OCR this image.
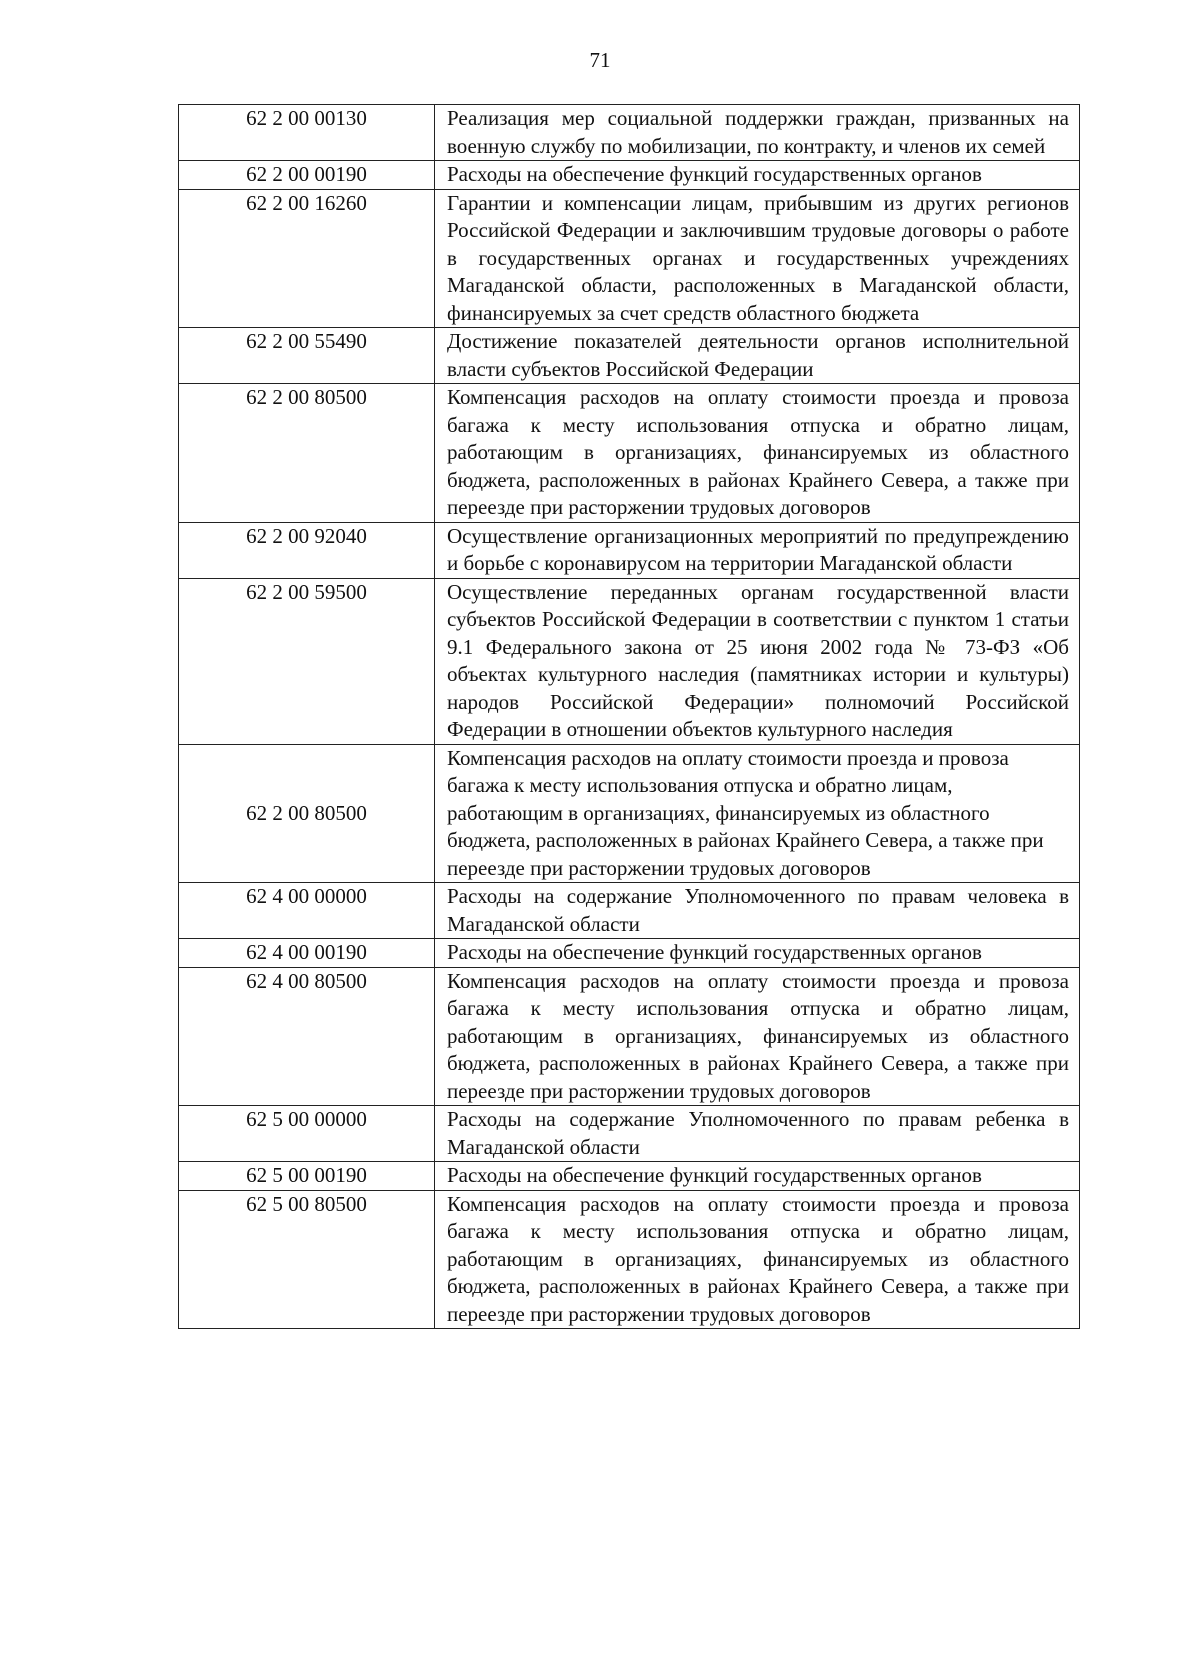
71
62 2 00 00130	Реализация мер социальной поддержки граждан, призванных на военную службу по мобилизации, по контракту, и членов их семей
62 2 00 00190	Расходы на обеспечение функций государственных органов
62 2 00 16260	Гарантии и компенсации лицам, прибывшим из других регионов Российской Федерации и заключившим трудовые договоры о работе в государственных органах и государственных учреждениях Магаданской области, расположенных в Магаданской области, финансируемых за счет средств областного бюджета
62 2 00 55490	Достижение показателей деятельности органов исполнительной власти субъектов Российской Федерации
62 2 00 80500	Компенсация расходов на оплату стоимости проезда и провоза багажа к месту использования отпуска и обратно лицам, работающим в организациях, финансируемых из областного бюджета, расположенных в районах Крайнего Севера, а также при переезде при расторжении трудовых договоров
62 2 00 92040	Осуществление организационных мероприятий по предупреждению и борьбе с коронавирусом на территории Магаданской области
62 2 00 59500	Осуществление переданных органам государственной власти субъектов Российской Федерации в соответствии с пунктом 1 статьи 9.1 Федерального закона от 25 июня 2002 года № 73-ФЗ «Об объектах культурного наследия (памятниках истории и культуры) народов Российской Федерации» полномочий Российской Федерации в отношении объектов культурного наследия
62 2 00 80500	Компенсация расходов на оплату стоимости проезда и провоза багажа к месту использования отпуска и обратно лицам, работающим в организациях, финансируемых из областного бюджета, расположенных в районах Крайнего Севера, а также при переезде при расторжении трудовых договоров
62 4 00 00000	Расходы на содержание Уполномоченного по правам человека в Магаданской области
62 4 00 00190	Расходы на обеспечение функций государственных органов
62 4 00 80500	Компенсация расходов на оплату стоимости проезда и провоза багажа к месту использования отпуска и обратно лицам, работающим в организациях, финансируемых из областного бюджета, расположенных в районах Крайнего Севера, а также при переезде при расторжении трудовых договоров
62 5 00 00000	Расходы на содержание Уполномоченного по правам ребенка в Магаданской области
62 5 00 00190	Расходы на обеспечение функций государственных органов
62 5 00 80500	Компенсация расходов на оплату стоимости проезда и провоза багажа к месту использования отпуска и обратно лицам, работающим в организациях, финансируемых из областного бюджета, расположенных в районах Крайнего Севера, а также при переезде при расторжении трудовых договоров
